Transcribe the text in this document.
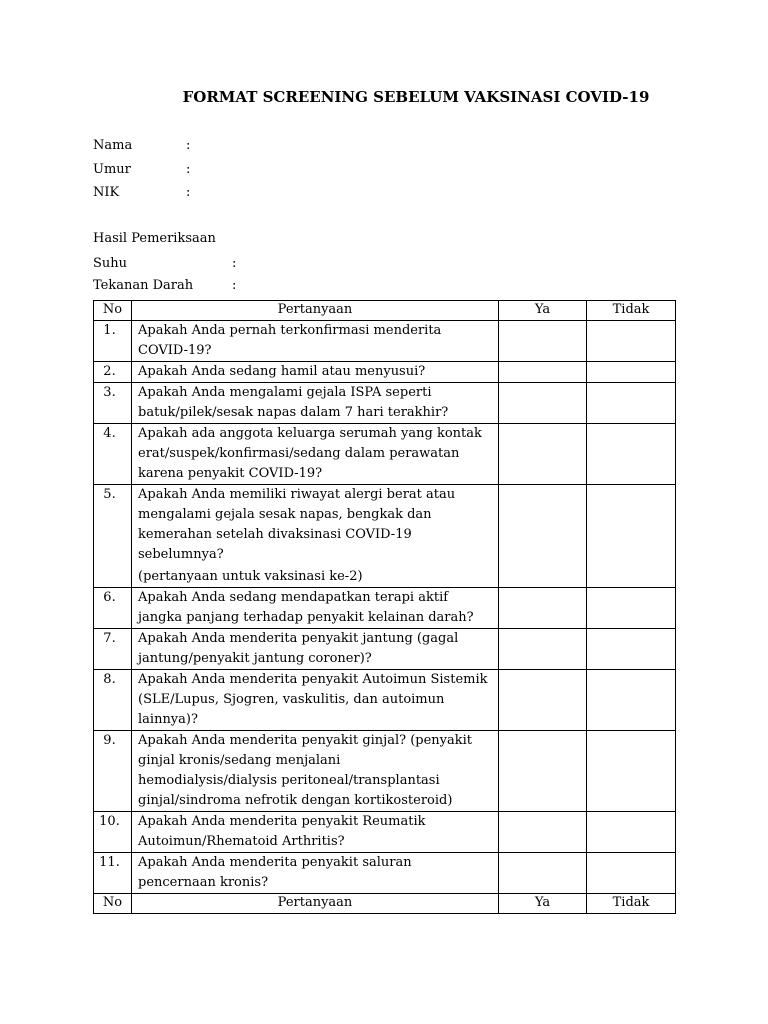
FORMAT SCREENING SEBELUM VAKSINASI COVID-19
Nama	:
Umur	:
NIK	:
Hasil Pemeriksaan
Suhu	:
Tekanan Darah	:
No	Pertanyaan	Ya	Tidak
1.	Apakah Anda pernah terkonfirmasi menderita
COVID-19?		

2.	Apakah Anda sedang hamil atau menyusui?		

3.	Apakah Anda mengalami gejala ISPA seperti
batuk/pilek/sesak napas dalam 7 hari terakhir?		

4.	Apakah ada anggota keluarga serumah yang kontak
erat/suspek/konfirmasi/sedang dalam perawatan
karena penyakit COVID-19?		

5.	Apakah Anda memiliki riwayat alergi berat atau
mengalami gejala sesak napas, bengkak dan
kemerahan setelah divaksinasi COVID-19
sebelumnya?
(pertanyaan untuk vaksinasi ke-2)		

6.	Apakah Anda sedang mendapatkan terapi aktif
jangka panjang terhadap penyakit kelainan darah?		

7.	Apakah Anda menderita penyakit jantung (gagal
jantung/penyakit jantung coroner)?		

8.	Apakah Anda menderita penyakit Autoimun Sistemik
(SLE/Lupus, Sjogren, vaskulitis, dan autoimun
lainnya)?		

9.	Apakah Anda menderita penyakit ginjal? (penyakit
ginjal kronis/sedang menjalani
hemodialysis/dialysis peritoneal/transplantasi
ginjal/sindroma nefrotik dengan kortikosteroid)		

10.	Apakah Anda menderita penyakit Reumatik
Autoimun/Rhematoid Arthritis?		

11.	Apakah Anda menderita penyakit saluran
pencernaan kronis?		

No	Pertanyaan	Ya	Tidak
